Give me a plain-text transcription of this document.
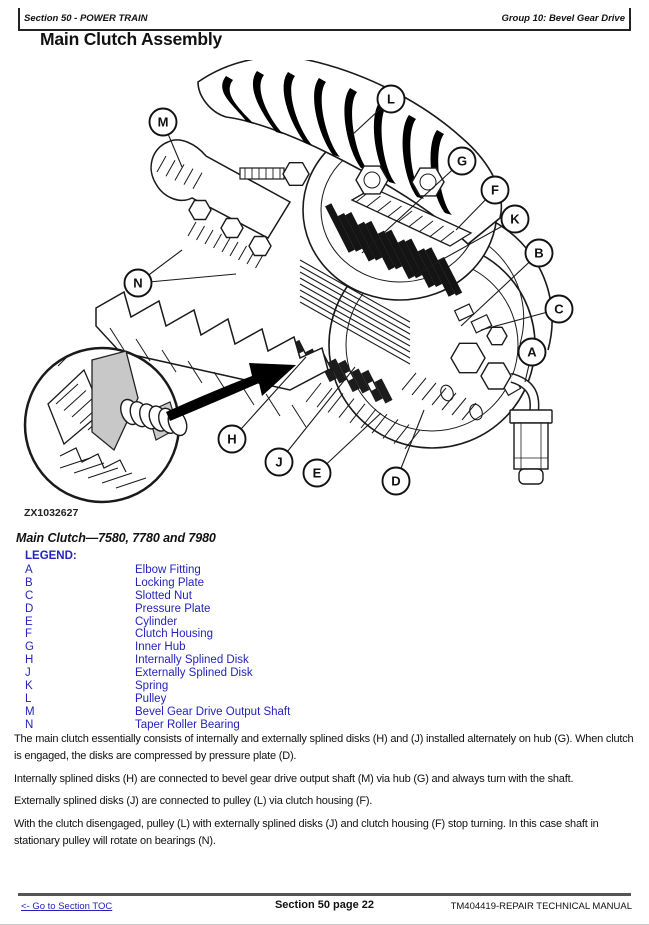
Section 50 - POWER TRAIN	Group 10: Bevel Gear Drive
Main Clutch Assembly
A
B
C
D
E
F
G
H
J
K
L
M
N
ZX1032627
Main Clutch—7580, 7780 and 7980
LEGEND:
A	Elbow Fitting
B	Locking Plate
C	Slotted Nut
D	Pressure Plate
E	Cylinder
F	Clutch Housing
G	Inner Hub
H	Internally Splined Disk
J	Externally Splined Disk
K	Spring
L	Pulley
M	Bevel Gear Drive Output Shaft
N	Taper Roller Bearing

The main clutch essentially consists of internally and externally splined disks (H) and (J) installed alternately on hub (G). When clutch is engaged, the disks are compressed by pressure plate (D).

Internally splined disks (H) are connected to bevel gear drive output shaft (M) via hub (G) and always turn with the shaft.

Externally splined disks (J) are connected to pulley (L) via clutch housing (F).

With the clutch disengaged, pulley (L) with externally splined disks (J) and clutch housing (F) stop turning. In this case shaft in stationary pulley will rotate on bearings (N).

<- Go to Section TOC	Section 50 page 22	TM404419-REPAIR TECHNICAL MANUAL
